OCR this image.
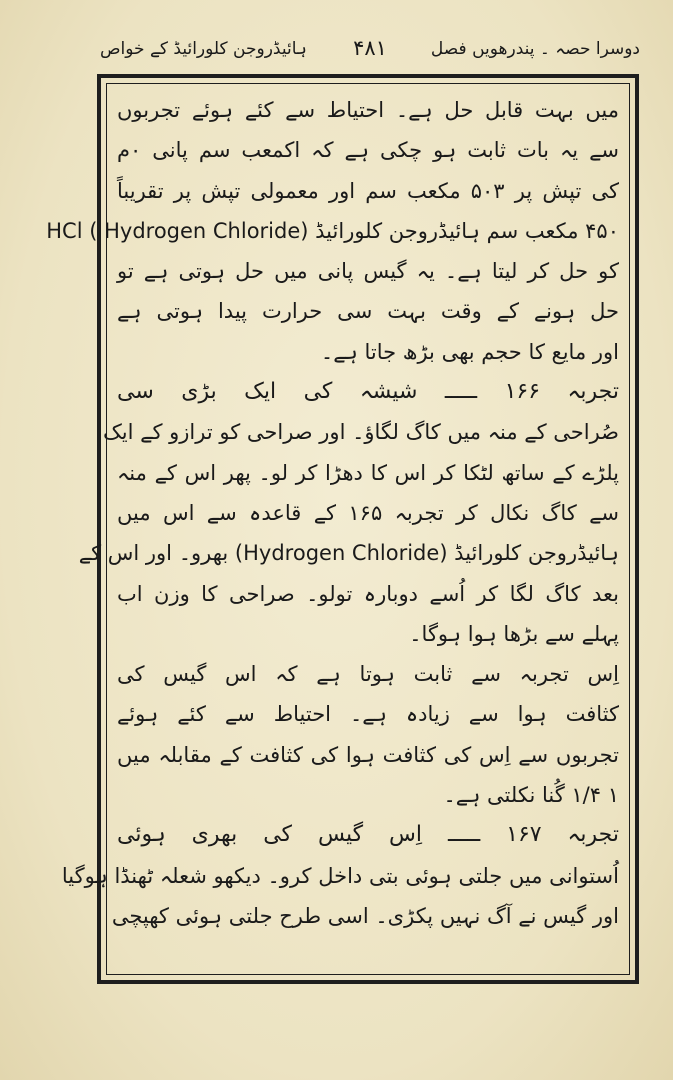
دوسرا حصہ ۔ پندرھویں فصل
۴۸۱
ہائیڈروجن کلورائیڈ کے خواص
میں بہت قابل حل ہے۔ احتیاط سے کئے ہوئے تجربوں
سے یہ بات ثابت ہو چکی ہے کہ اکمعب سم پانی ۰م
کی تپش پر ۵۰۳ مکعب سم اور معمولی تپش پر تقریباً
۴۵۰ مکعب سم ہائیڈروجن کلورائیڈ (Hydrogen Chloride ) HCl
کو حل کر لیتا ہے۔ یہ گیس پانی میں حل ہوتی ہے تو
حل ہونے کے وقت بہت سی حرارت پیدا ہوتی ہے
اور مایع کا حجم بھی بڑھ جاتا ہے۔
تجربہ ۱۶۶ ـــــ شیشہ کی ایک بڑی سی
صُراحی کے منہ میں کاگ لگاؤ۔ اور صراحی کو ترازو کے ایک
پلڑے کے ساتھ لٹکا کر اس کا دھڑا کر لو۔ پھر اس کے منہ
سے کاگ نکال کر تجربہ ۱۶۵ کے قاعدہ سے اس میں
ہائیڈروجن کلورائیڈ (Hydrogen Chloride) بھرو۔ اور اس کے
بعد کاگ لگا کر اُسے دوبارہ تولو۔ صراحی کا وزن اب
پہلے سے بڑھا ہوا ہوگا۔
اِس تجربہ سے ثابت ہوتا ہے کہ اس گیس کی
کثافت ہوا سے زیادہ ہے۔ احتیاط سے کئے ہوئے
تجربوں سے اِس کی کثافت ہوا کی کثافت کے مقابلہ میں
۱ ۱/۴ گُنا نکلتی ہے۔
تجربہ ۱۶۷ ـــــ اِس گیس کی بھری ہوئی
اُستوانی میں جلتی ہوئی بتی داخل کرو۔ دیکھو شعلہ ٹھنڈا ہوگیا
اور گیس نے آگ نہیں پکڑی۔ اسی طرح جلتی ہوئی کھپچی
